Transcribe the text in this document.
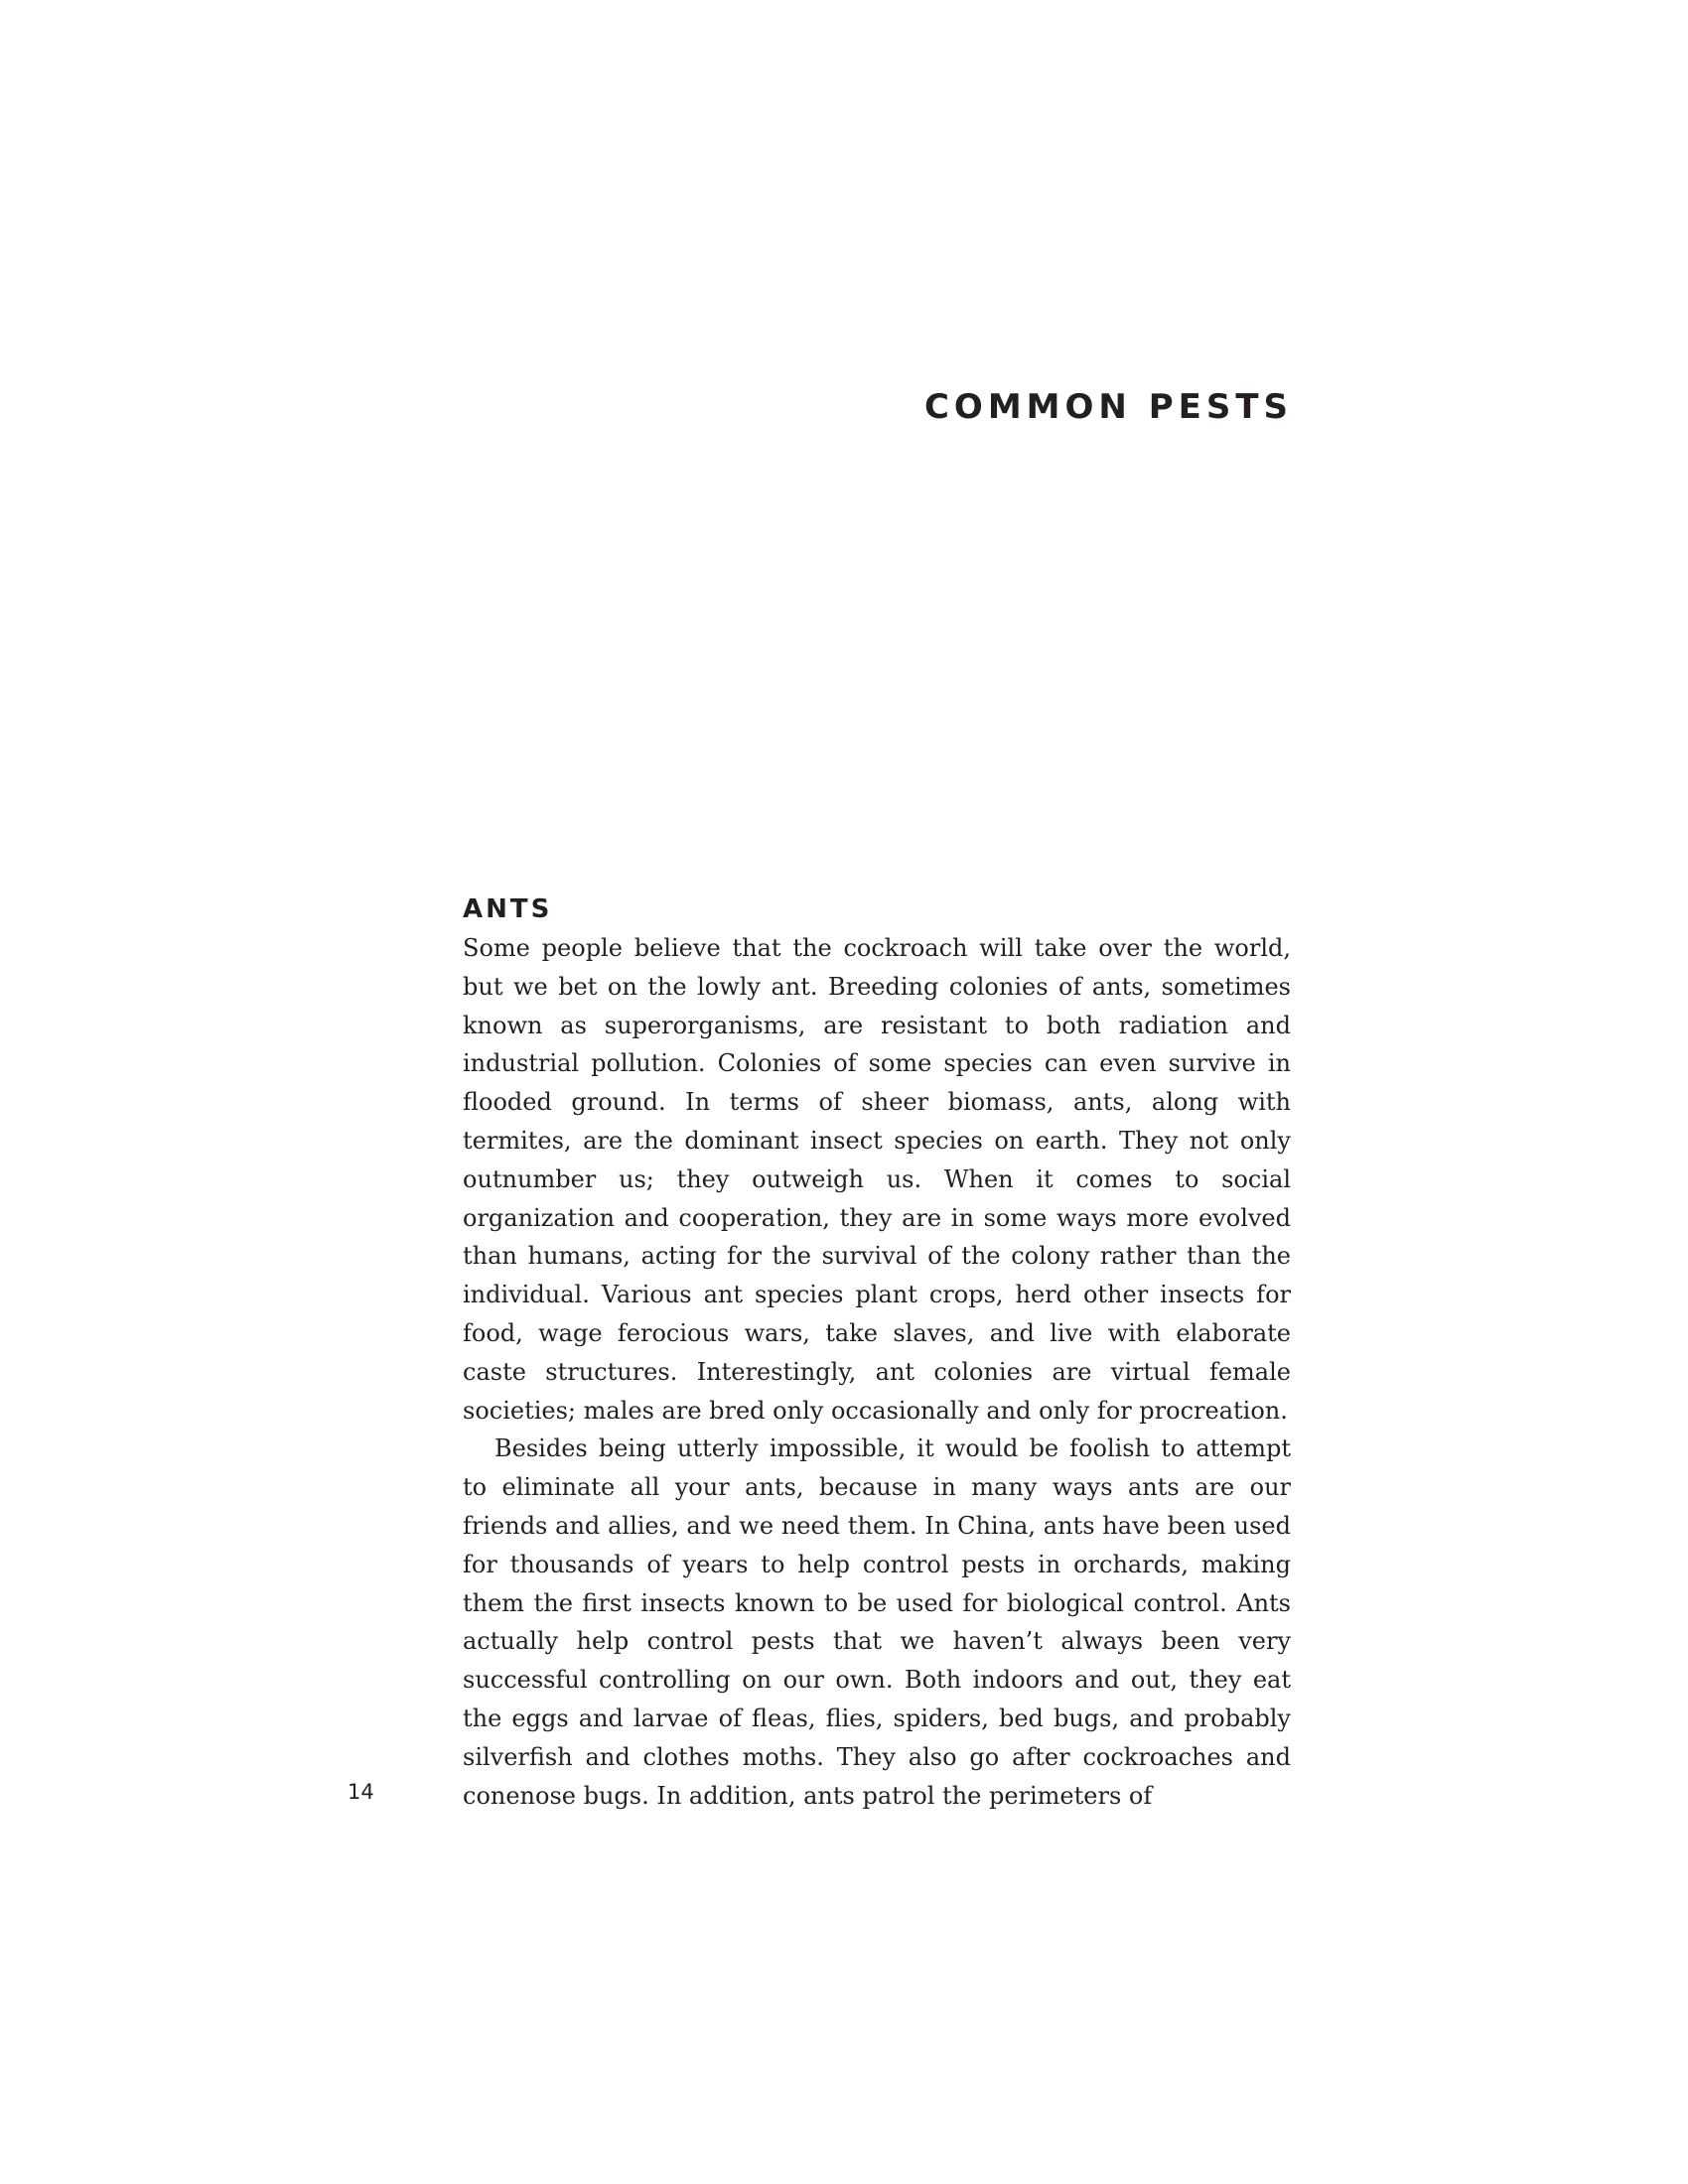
COMMON PESTS
ANTS

Some people believe that the cockroach will take over the world, but we bet on the lowly ant. Breeding colonies of ants, sometimes known as superorganisms, are resistant to both radiation and industrial pollution. Colonies of some species can even survive in flooded ground. In terms of sheer biomass, ants, along with termites, are the dominant insect species on earth. They not only outnumber us; they outweigh us. When it comes to social organization and cooperation, they are in some ways more evolved than humans, acting for the survival of the colony rather than the individual. Various ant species plant crops, herd other insects for food, wage ferocious wars, take slaves, and live with elaborate caste structures. Interestingly, ant colonies are virtual female societies; males are bred only occasionally and only for procreation.

Besides being utterly impossible, it would be foolish to attempt to eliminate all your ants, because in many ways ants are our friends and allies, and we need them. In China, ants have been used for thousands of years to help control pests in orchards, making them the first insects known to be used for biological control. Ants actually help control pests that we haven’t always been very successful controlling on our own. Both indoors and out, they eat the eggs and larvae of fleas, flies, spiders, bed bugs, and probably silverfish and clothes moths. They also go after cockroaches and conenose bugs. In addition, ants patrol the perimeters of

14
